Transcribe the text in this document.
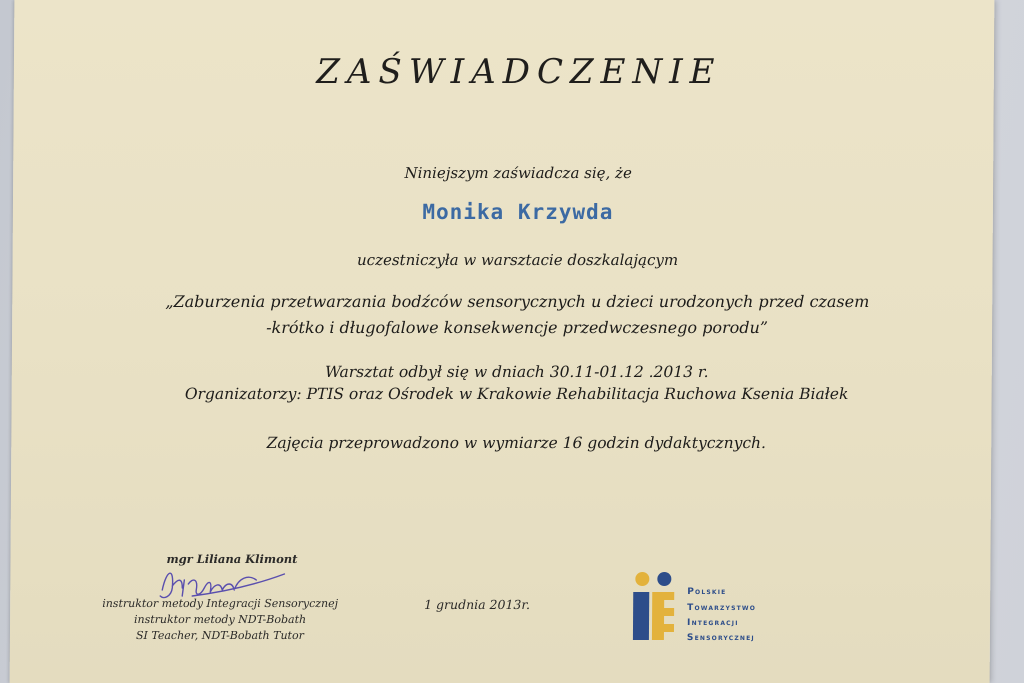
ZAŚWIADCZENIE
Niniejszym zaświadcza się, że
Monika Krzywda
uczestniczyła w warsztacie doszkalającym
„Zaburzenia przetwarzania bodźców sensorycznych u dzieci urodzonych przed czasem
-krótko i długofalowe konsekwencje przedwczesnego porodu”
Warsztat odbył się w dniach 30.11-01.12 .2013 r.
Organizatorzy: PTIS oraz Ośrodek w Krakowie Rehabilitacja Ruchowa Ksenia Białek
Zajęcia przeprowadzono w wymiarze 16 godzin dydaktycznych.
mgr Liliana Klimont
instruktor metody Integracji Sensorycznej
instruktor metody NDT-Bobath
SI Teacher, NDT-Bobath Tutor
1 grudnia 2013r.
Polskie
Towarzystwo
Integracji
Sensorycznej
